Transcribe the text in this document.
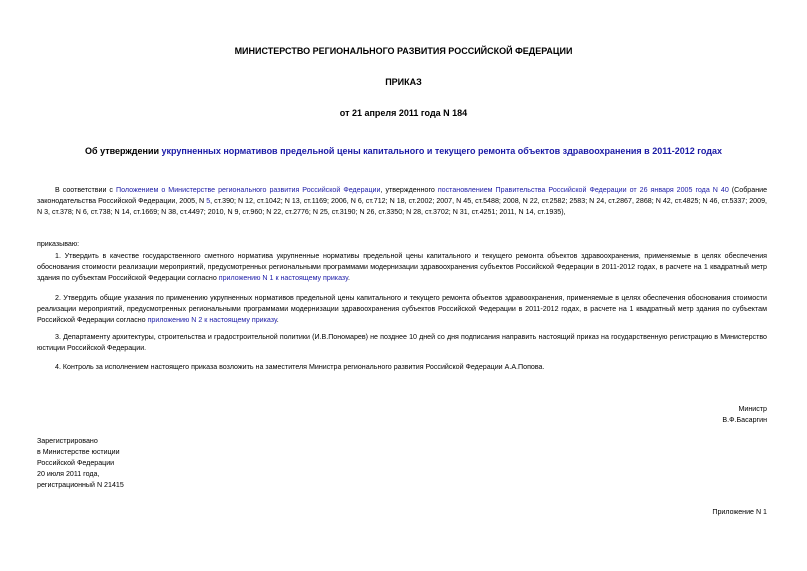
МИНИСТЕРСТВО РЕГИОНАЛЬНОГО РАЗВИТИЯ РОССИЙСКОЙ ФЕДЕРАЦИИ
ПРИКАЗ
от 21 апреля 2011 года N 184
Об утверждении укрупненных нормативов предельной цены капитального и текущего ремонта объектов здравоохранения в 2011-2012 годах
В соответствии с Положением о Министерстве регионального развития Российской Федерации, утвержденного постановлением Правительства Российской Федерации от 26 января 2005 года N 40 (Собрание законодательства Российской Федерации, 2005, N 5, ст.390; N 12, ст.1042; N 13, ст.1169; 2006, N 6, ст.712; N 18, ст.2002; 2007, N 45, ст.5488; 2008, N 22, ст.2582; 2583; N 24, ст.2867, 2868; N 42, ст.4825; N 46, ст.5337; 2009, N 3, ст.378; N 6, ст.738; N 14, ст.1669; N 38, ст.4497; 2010, N 9, ст.960; N 22, ст.2776; N 25, ст.3190; N 26, ст.3350; N 28, ст.3702; N 31, ст.4251; 2011, N 14, ст.1935),
приказываю:
1. Утвердить в качестве государственного сметного норматива укрупненные нормативы предельной цены капитального и текущего ремонта объектов здравоохранения, применяемые в целях обеспечения обоснования стоимости реализации мероприятий, предусмотренных региональными программами модернизации здравоохранения субъектов Российской Федерации в 2011-2012 годах, в расчете на 1 квадратный метр здания по субъектам Российской Федерации согласно приложению N 1 к настоящему приказу.
2. Утвердить общие указания по применению укрупненных нормативов предельной цены капитального и текущего ремонта объектов здравоохранения, применяемые в целях обеспечения обоснования стоимости реализации мероприятий, предусмотренных региональными программами модернизации здравоохранения субъектов Российской Федерации в 2011-2012 годах, в расчете на 1 квадратный метр здания по субъектам Российской Федерации согласно приложению N 2 к настоящему приказу.
3. Департаменту архитектуры, строительства и градостроительной политики (И.В.Пономарев) не позднее 10 дней со дня подписания направить настоящий приказ на государственную регистрацию в Министерство юстиции Российской Федерации.
4. Контроль за исполнением настоящего приказа возложить на заместителя Министра регионального развития Российской Федерации А.А.Попова.
Министр
В.Ф.Басаргин
Зарегистрировано
в Министерстве юстиции
Российской Федерации
20 июля 2011 года,
регистрационный N 21415
Приложение N 1
